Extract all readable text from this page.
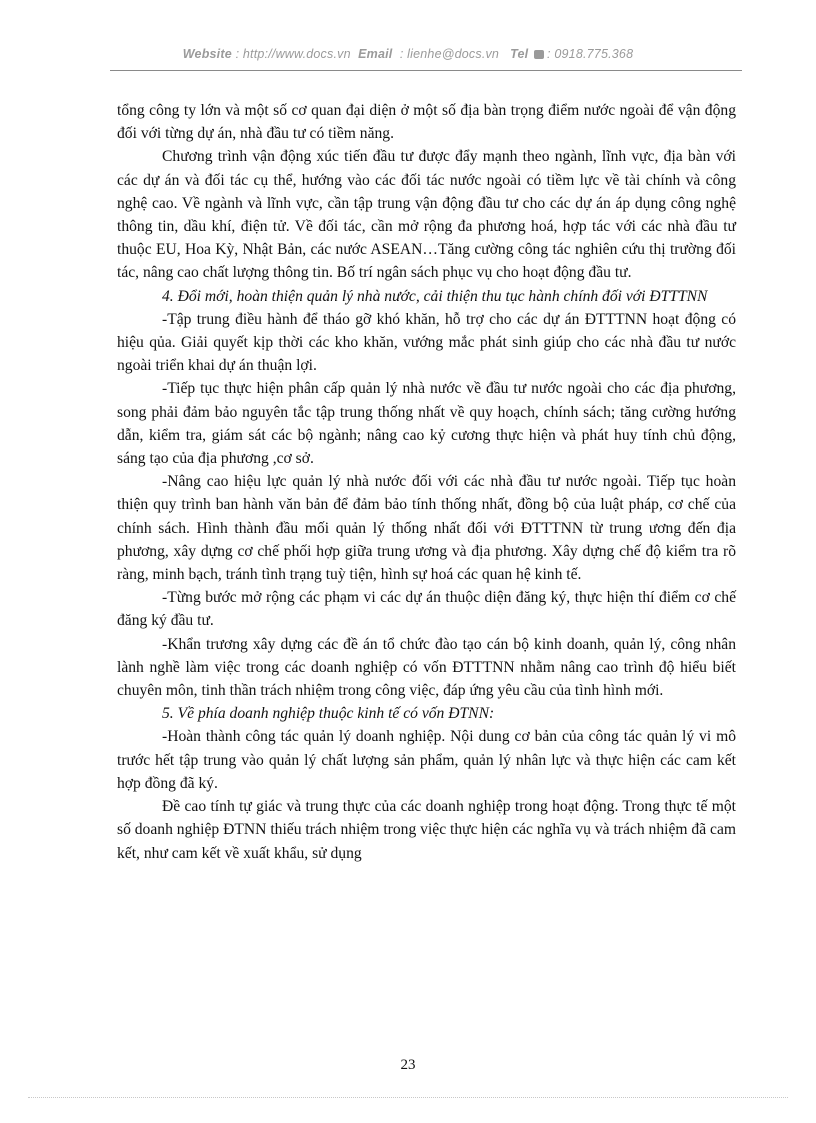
Website : http://www.docs.vn Email : lienhe@docs.vn Tel : 0918.775.368

tổng công ty lớn và một số cơ quan đại diện ở một số địa bàn trọng điểm nước ngoài để vận động đối với từng dự án, nhà đầu tư có tiềm năng.

Chương trình vận động xúc tiến đầu tư được đẩy mạnh theo ngành, lĩnh vực, địa bàn với các dự án và đối tác cụ thể, hướng vào các đối tác nước ngoài có tiềm lực về tài chính và công nghệ cao. Về ngành và lĩnh vực, cần tập trung vận động đầu tư cho các dự án áp dụng công nghệ thông tin, dầu khí, điện tử. Về đối tác, cần mở rộng đa phương hoá, hợp tác với các nhà đầu tư thuộc EU, Hoa Kỳ, Nhật Bản, các nước ASEAN…Tăng cường công tác nghiên cứu thị trường đối tác, nâng cao chất lượng thông tin. Bố trí ngân sách phục vụ cho hoạt động đầu tư.

4. Đổi mới, hoàn thiện quản lý nhà nước, cải thiện thu tục hành chính đối với ĐTTTNN

-Tập trung điều hành để tháo gỡ khó khăn, hỗ trợ cho các dự án ĐTTTNN hoạt động có hiệu qủa. Giải quyết kịp thời các kho khăn, vướng mắc phát sinh giúp cho các nhà đầu tư nước ngoài triển khai dự án thuận lợi.

-Tiếp tục thực hiện phân cấp quản lý nhà nước về đầu tư nước ngoài cho các địa phương, song phải đảm bảo nguyên tắc tập trung thống nhất về quy hoạch, chính sách; tăng cường hướng dẫn, kiểm tra, giám sát các bộ ngành; nâng cao kỷ cương thực hiện và phát huy tính chủ động, sáng tạo của địa phương ,cơ sở.

-Nâng cao hiệu lực quản lý nhà nước đối với các nhà đầu tư nước ngoài. Tiếp tục hoàn thiện quy trình ban hành văn bản để đảm bảo tính thống nhất, đồng bộ của luật pháp, cơ chế của chính sách. Hình thành đầu mối quản lý thống nhất đối với ĐTTTNN từ trung ương đến địa phương, xây dựng cơ chế phối hợp giữa trung ương và địa phương. Xây dựng chế độ kiểm tra rõ ràng, minh bạch, tránh tình trạng tuỳ tiện, hình sự hoá các quan hệ kinh tế.

-Từng bước mở rộng các phạm vi các dự án thuộc diện đăng ký, thực hiện thí điểm cơ chế đăng ký đầu tư.

-Khẩn trương xây dựng các đề án tổ chức đào tạo cán bộ kinh doanh, quản lý, công nhân lành nghề làm việc trong các doanh nghiệp có vốn ĐTTTNN nhằm nâng cao trình độ hiểu biết chuyên môn, tinh thần trách nhiệm trong công việc, đáp ứng yêu cầu của tình hình mới.

5. Về phía doanh nghiệp thuộc kinh tế có vốn ĐTNN:

-Hoàn thành công tác quản lý doanh nghiệp. Nội dung cơ bản của công tác quản lý vi mô trước hết tập trung vào quản lý chất lượng sản phẩm, quản lý nhân lực và thực hiện các cam kết hợp đồng đã ký.

Đề cao tính tự giác và trung thực của các doanh nghiệp trong hoạt động. Trong thực tế một số doanh nghiệp ĐTNN thiếu trách nhiệm trong việc thực hiện các nghĩa vụ và trách nhiệm đã cam kết, như cam kết về xuất khẩu, sử dụng

23
